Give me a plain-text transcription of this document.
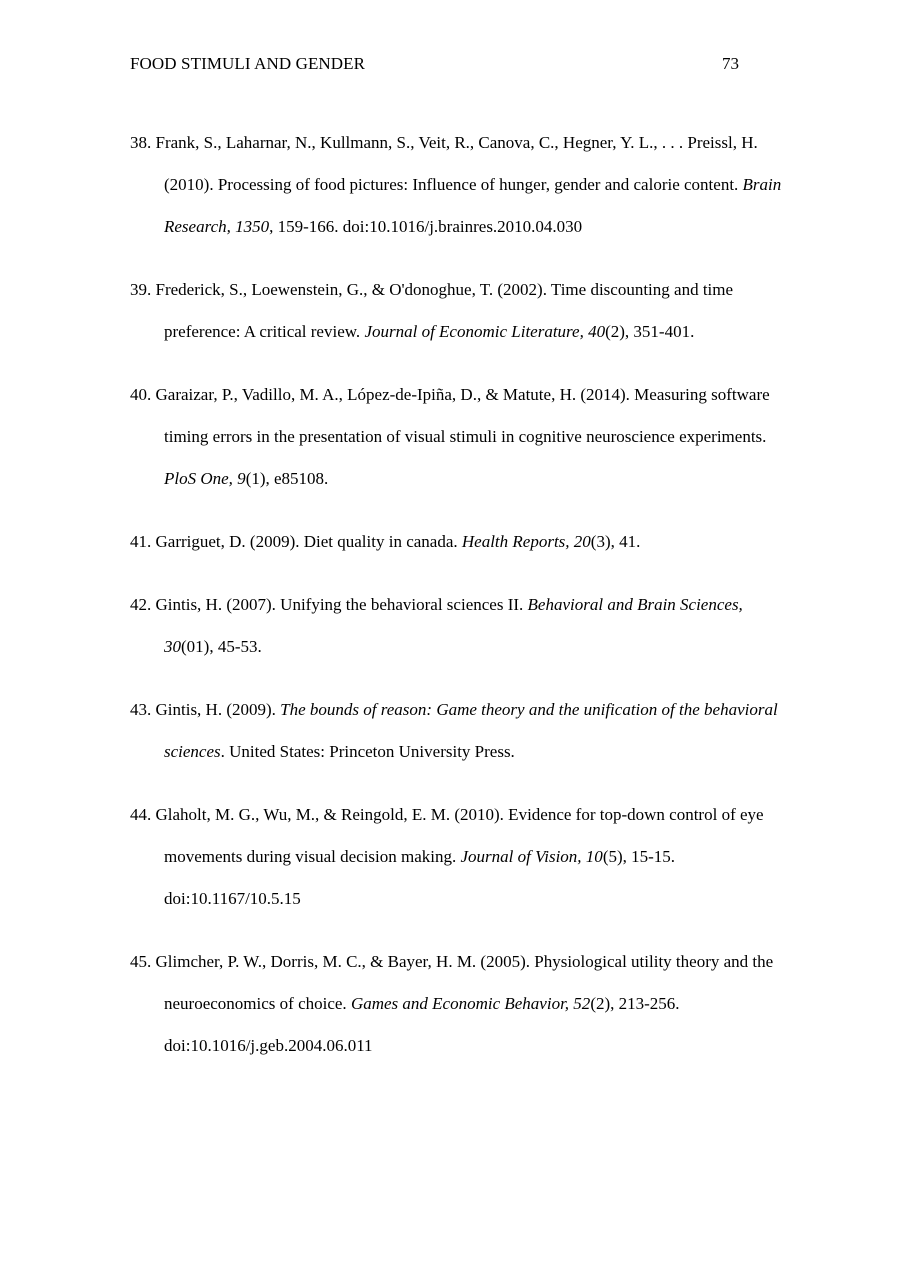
FOOD STIMULI AND GENDER	73
38. Frank, S., Laharnar, N., Kullmann, S., Veit, R., Canova, C., Hegner, Y. L., . . . Preissl, H. (2010). Processing of food pictures: Influence of hunger, gender and calorie content. Brain Research, 1350, 159-166. doi:10.1016/j.brainres.2010.04.030
39. Frederick, S., Loewenstein, G., & O'donoghue, T. (2002). Time discounting and time preference: A critical review. Journal of Economic Literature, 40(2), 351-401.
40. Garaizar, P., Vadillo, M. A., López-de-Ipiña, D., & Matute, H. (2014). Measuring software timing errors in the presentation of visual stimuli in cognitive neuroscience experiments. PloS One, 9(1), e85108.
41. Garriguet, D. (2009). Diet quality in canada. Health Reports, 20(3), 41.
42. Gintis, H. (2007). Unifying the behavioral sciences II. Behavioral and Brain Sciences, 30(01), 45-53.
43. Gintis, H. (2009). The bounds of reason: Game theory and the unification of the behavioral sciences. United States: Princeton University Press.
44. Glaholt, M. G., Wu, M., & Reingold, E. M. (2010). Evidence for top-down control of eye movements during visual decision making. Journal of Vision, 10(5), 15-15. doi:10.1167/10.5.15
45. Glimcher, P. W., Dorris, M. C., & Bayer, H. M. (2005). Physiological utility theory and the neuroeconomics of choice. Games and Economic Behavior, 52(2), 213-256. doi:10.1016/j.geb.2004.06.011
